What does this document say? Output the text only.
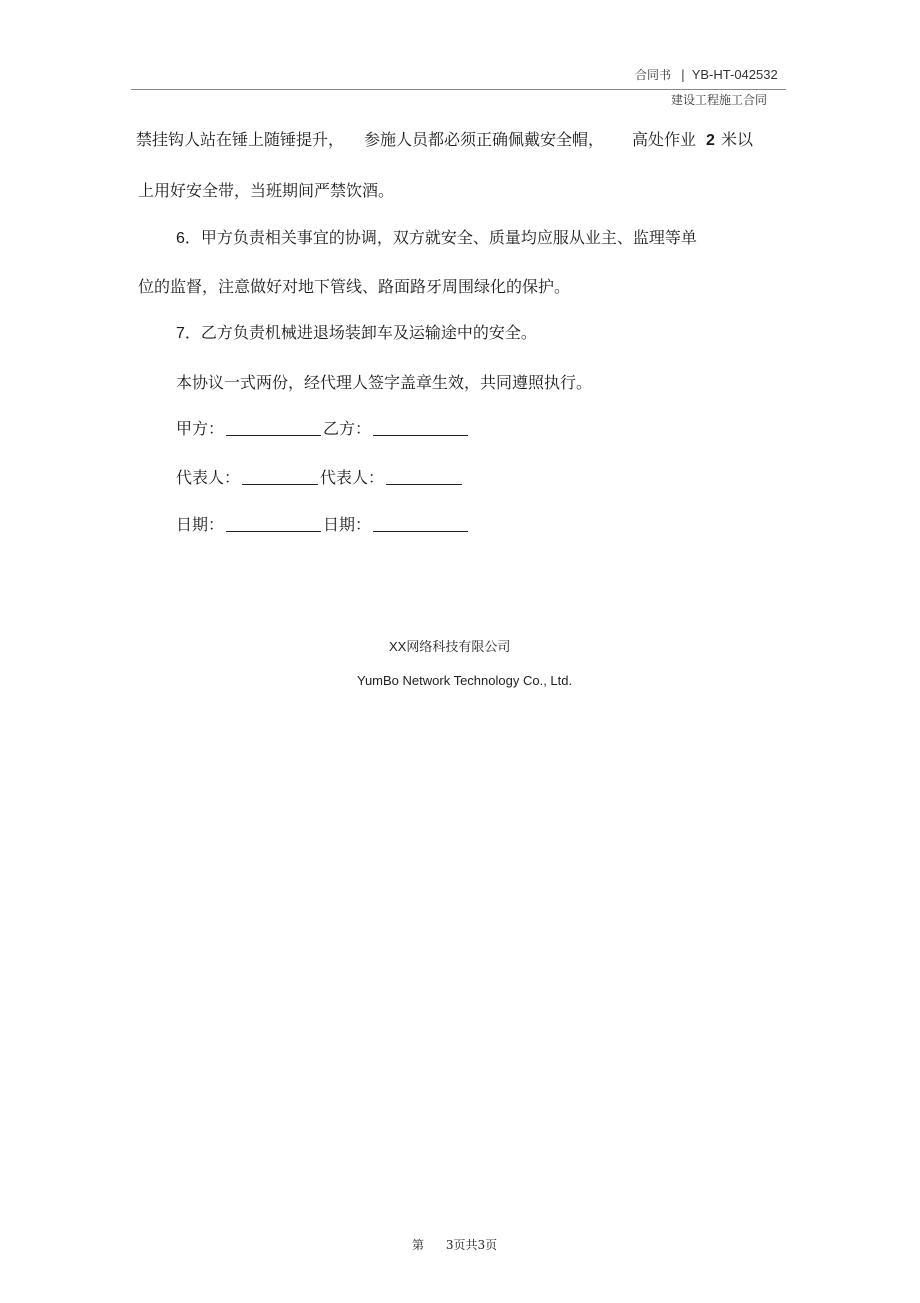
合同书 | YB-HT-042532
建设工程施工合同
禁挂钩人站在锤上随锤提升， 参施人员都必须正确佩戴安全帽， 高处作业 2 米以
上用好安全带，当班期间严禁饮酒。
6．甲方负责相关事宜的协调，双方就安全、质量均应服从业主、监理等单
位的监督，注意做好对地下管线、路面路牙周围绿化的保护。
7．乙方负责机械进退场装卸车及运输途中的安全。
本协议一式两份，经代理人签字盖章生效，共同遵照执行。
甲方：	乙方：
代表人：	代表人：
日期：	日期：
XX网络科技有限公司
YumBo Network Technology Co., Ltd.
第 3页共3页
